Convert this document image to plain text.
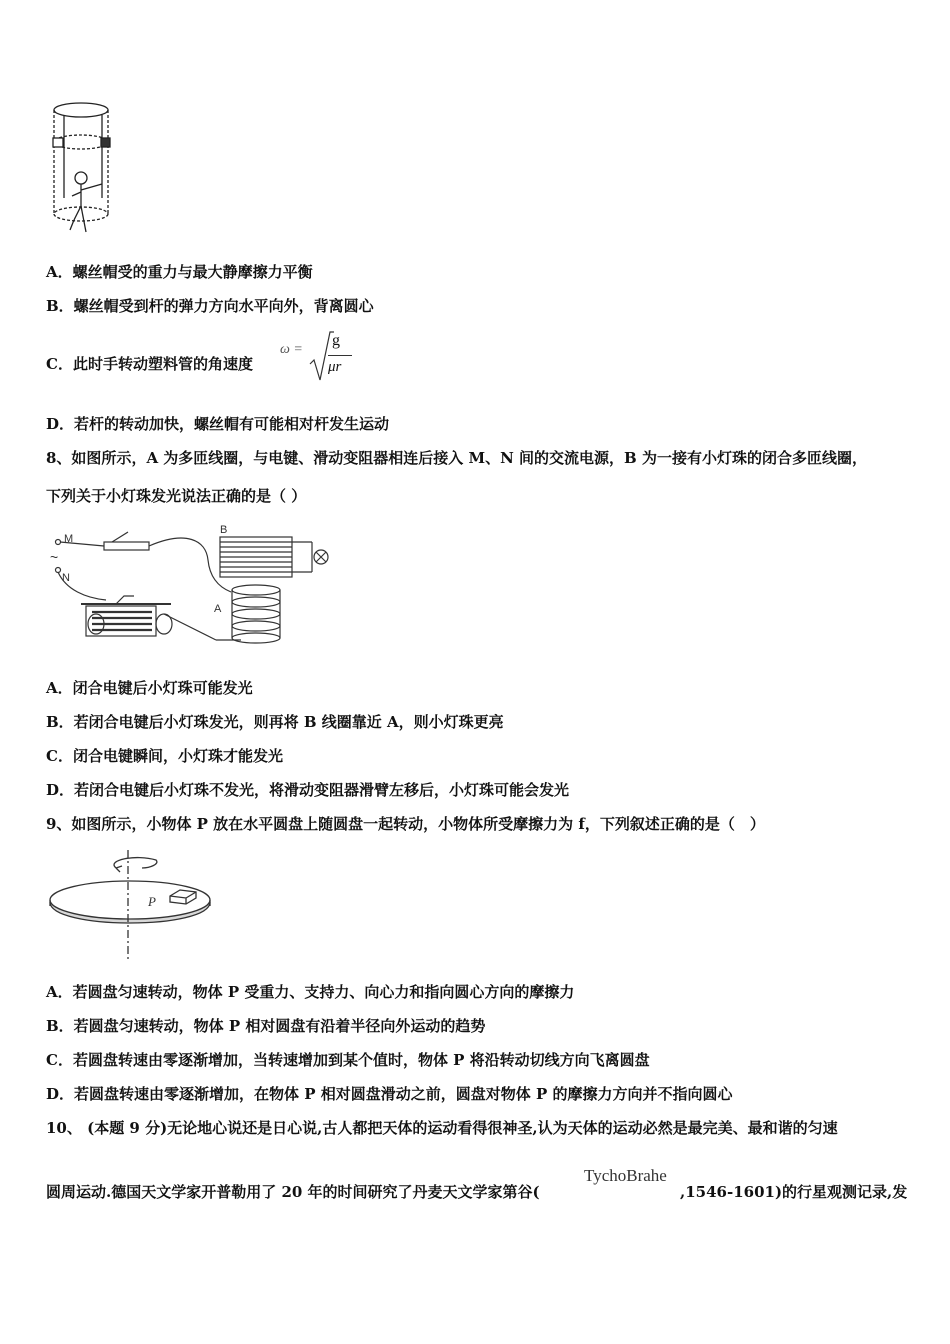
A．螺丝帽受的重力与最大静摩擦力平衡
B．螺丝帽受到杆的弹力方向水平向外，背离圆心
C．此时手转动塑料管的角速度
ω =
g
μr
D．若杆的转动加快，螺丝帽有可能相对杆发生运动
8、如图所示，A 为多匝线圈，与电键、滑动变阻器相连后接入 M、N 间的交流电源，B 为一接有小灯珠的闭合多匝线圈，
下列关于小灯珠发光说法正确的是（ ）
M
~
N
B
A
A．闭合电键后小灯珠可能发光
B．若闭合电键后小灯珠发光，则再将 B 线圈靠近 A，则小灯珠更亮
C．闭合电键瞬间，小灯珠才能发光
D．若闭合电键后小灯珠不发光，将滑动变阻器滑臂左移后，小灯珠可能会发光
9、如图所示，小物体 P 放在水平圆盘上随圆盘一起转动，小物体所受摩擦力为 f，下列叙述正确的是（　）
P
A．若圆盘匀速转动，物体 P 受重力、支持力、向心力和指向圆心方向的摩擦力
B．若圆盘匀速转动，物体 P 相对圆盘有沿着半径向外运动的趋势
C．若圆盘转速由零逐渐增加，当转速增加到某个值时，物体 P 将沿转动切线方向飞离圆盘
D．若圆盘转速由零逐渐增加，在物体 P 相对圆盘滑动之前，圆盘对物体 P 的摩擦力方向并不指向圆心
10、 (本题 9 分)无论地心说还是日心说,古人都把天体的运动看得很神圣,认为天体的运动必然是最完美、最和谐的匀速
圆周运动.德国天文学家开普勒用了 20 年的时间研究了丹麦天文学家第谷(
TychoBrahe
,1546-1601)的行星观测记录,发
